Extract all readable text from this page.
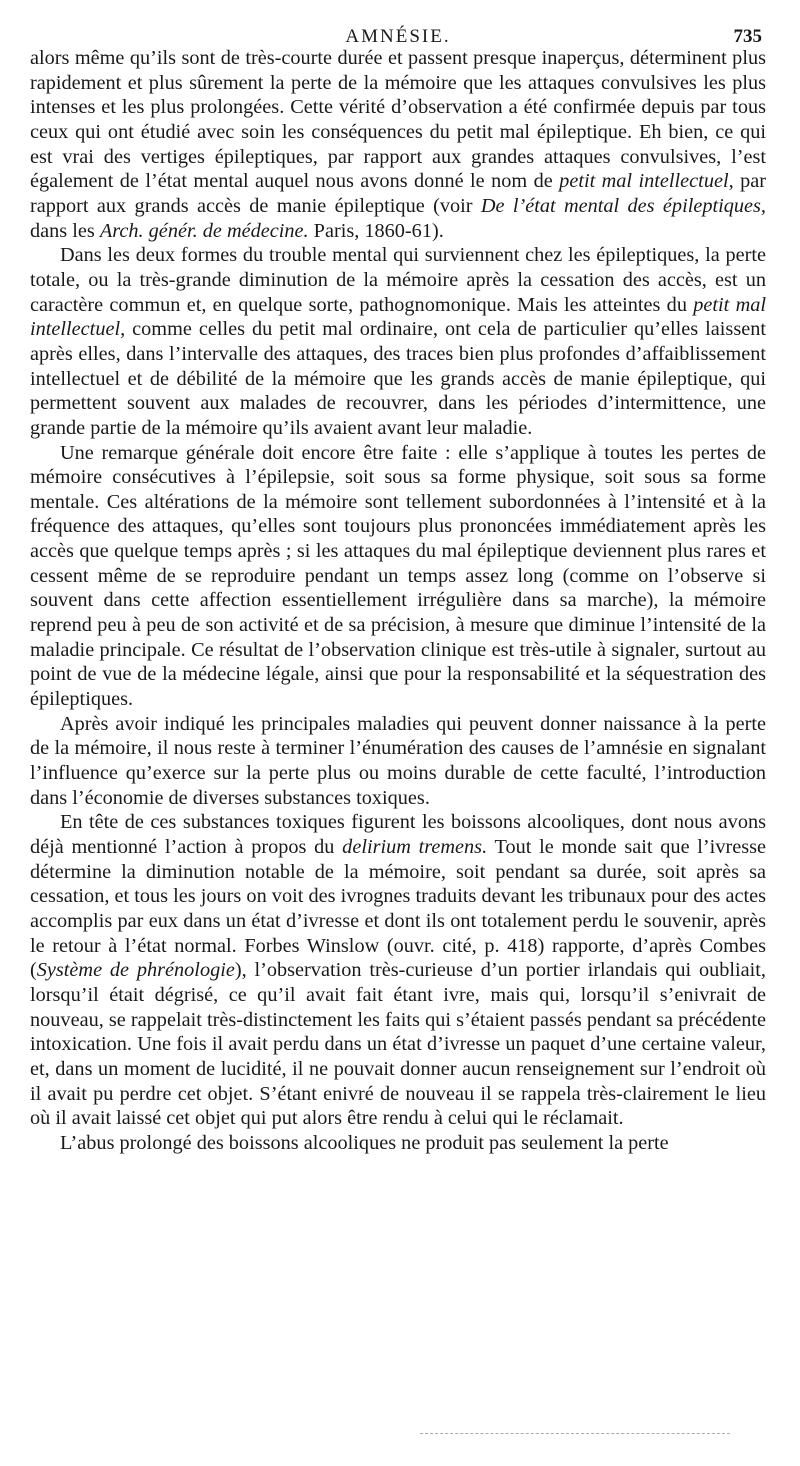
AMNÉSIE.	735

alors même qu’ils sont de très-courte durée et passent presque inaperçus, déterminent plus rapidement et plus sûrement la perte de la mémoire que les attaques convulsives les plus intenses et les plus prolongées. Cette vérité d’observation a été confirmée depuis par tous ceux qui ont étudié avec soin les conséquences du petit mal épileptique. Eh bien, ce qui est vrai des vertiges épileptiques, par rapport aux grandes attaques convulsives, l’est également de l’état mental auquel nous avons donné le nom de petit mal intellectuel, par rapport aux grands accès de manie épileptique (voir De l’état mental des épileptiques, dans les Arch. génér. de médecine. Paris, 1860-61).

Dans les deux formes du trouble mental qui surviennent chez les épileptiques, la perte totale, ou la très-grande diminution de la mémoire après la cessation des accès, est un caractère commun et, en quelque sorte, pathognomonique. Mais les atteintes du petit mal intellectuel, comme celles du petit mal ordinaire, ont cela de particulier qu’elles laissent après elles, dans l’intervalle des attaques, des traces bien plus profondes d’affaiblissement intellectuel et de débilité de la mémoire que les grands accès de manie épileptique, qui permettent souvent aux malades de recouvrer, dans les périodes d’intermittence, une grande partie de la mémoire qu’ils avaient avant leur maladie.

Une remarque générale doit encore être faite : elle s’applique à toutes les pertes de mémoire consécutives à l’épilepsie, soit sous sa forme physique, soit sous sa forme mentale. Ces altérations de la mémoire sont tellement subordonnées à l’intensité et à la fréquence des attaques, qu’elles sont toujours plus prononcées immédiatement après les accès que quelque temps après ; si les attaques du mal épileptique deviennent plus rares et cessent même de se reproduire pendant un temps assez long (comme on l’observe si souvent dans cette affection essentiellement irrégulière dans sa marche), la mémoire reprend peu à peu de son activité et de sa précision, à mesure que diminue l’intensité de la maladie principale. Ce résultat de l’observation clinique est très-utile à signaler, surtout au point de vue de la médecine légale, ainsi que pour la responsabilité et la séquestration des épileptiques.

Après avoir indiqué les principales maladies qui peuvent donner naissance à la perte de la mémoire, il nous reste à terminer l’énumération des causes de l’amnésie en signalant l’influence qu’exerce sur la perte plus ou moins durable de cette faculté, l’introduction dans l’économie de diverses substances toxiques.

En tête de ces substances toxiques figurent les boissons alcooliques, dont nous avons déjà mentionné l’action à propos du delirium tremens. Tout le monde sait que l’ivresse détermine la diminution notable de la mémoire, soit pendant sa durée, soit après sa cessation, et tous les jours on voit des ivrognes traduits devant les tribunaux pour des actes accomplis par eux dans un état d’ivresse et dont ils ont totalement perdu le souvenir, après le retour à l’état normal. Forbes Winslow (ouvr. cité, p. 418) rapporte, d’après Combes (Système de phrénologie), l’observation très-curieuse d’un portier irlandais qui oubliait, lorsqu’il était dégrisé, ce qu’il avait fait étant ivre, mais qui, lorsqu’il s’enivrait de nouveau, se rappelait très-distinctement les faits qui s’étaient passés pendant sa précédente intoxication. Une fois il avait perdu dans un état d’ivresse un paquet d’une certaine valeur, et, dans un moment de lucidité, il ne pouvait donner aucun renseignement sur l’endroit où il avait pu perdre cet objet. S’étant enivré de nouveau il se rappela très-clairement le lieu où il avait laissé cet objet qui put alors être rendu à celui qui le réclamait.

L’abus prolongé des boissons alcooliques ne produit pas seulement la perte
